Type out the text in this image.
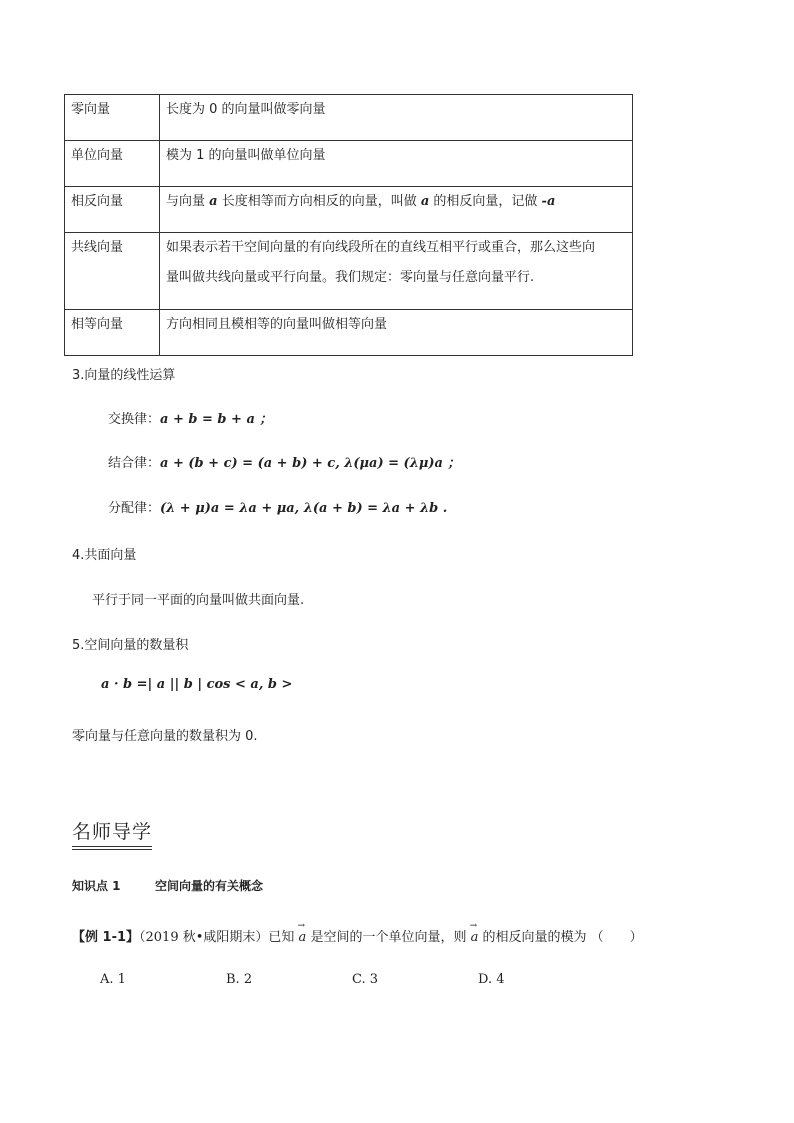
零向量	长度为 0 的向量叫做零向量
单位向量	模为 1 的向量叫做单位向量
相反向量	与向量 a 长度相等而方向相反的向量，叫做 a 的相反向量，记做 -a
共线向量	如果表示若干空间向量的有向线段所在的直线互相平行或重合，那么这些向
量叫做共线向量或平行向量。我们规定：零向量与任意向量平行.

相等向量	方向相同且模相等的向量叫做相等向量
3.向量的线性运算
交换律：a + b = b + a ；
结合律：a + (b + c) = (a + b) + c, λ(μa) = (λμ)a ；
分配律：(λ + μ)a = λa + μa, λ(a + b) = λa + λb .
4.共面向量
平行于同一平面的向量叫做共面向量.
5.空间向量的数量积
a · b =| a || b | cos < a, b >
零向量与任意向量的数量积为 0.
名师导学
知识点 1	空间向量的有关概念
【例 1-1】（2019 秋•咸阳期末）已知 → a 是空间的一个单位向量，则 → a 的相反向量的模为 （　　）
A. 1	B. 2	C. 3	D. 4
